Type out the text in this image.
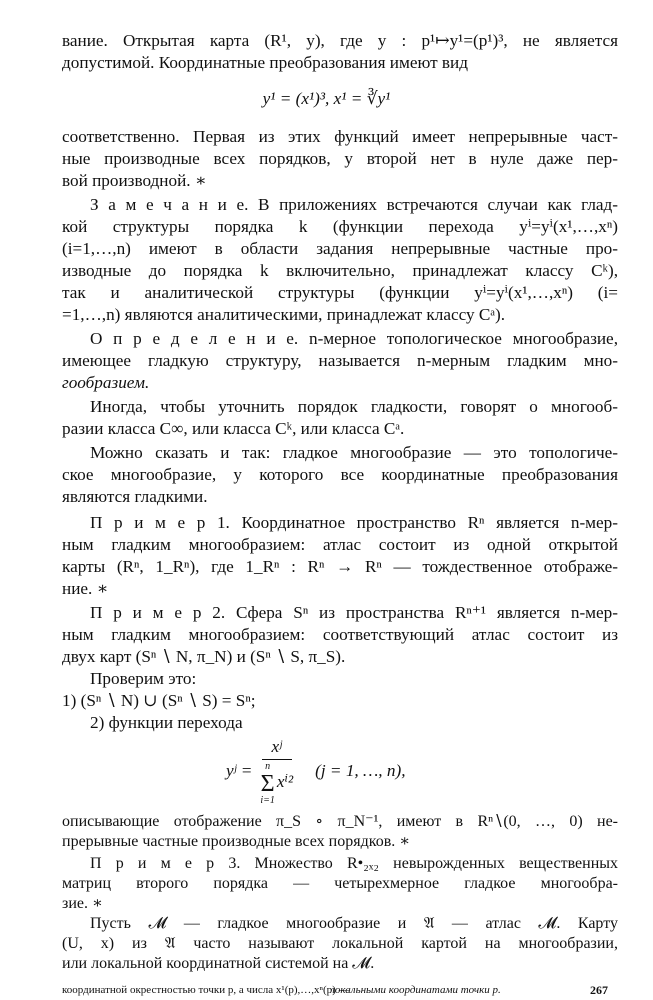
вание. Открытая карта (R¹, y), где y : p¹↦y¹=(p¹)³, не является
допустимой. Координатные преобразования имеют вид
y¹ = (x¹)³, x¹ = ∛y¹
соответственно. Первая из этих функций имеет непрерывные част-
ные производные всех порядков, у второй нет в нуле даже пер-
вой производной. ∗
З а м е ч а н и е. В приложениях встречаются случаи как глад-
кой структуры порядка k (функции перехода yⁱ=yⁱ(x¹,…,xⁿ)
(i=1,…,n) имеют в области задания непрерывные частные про-
изводные до порядка k включительно, принадлежат классу Cᵏ),
так и аналитической структуры (функции yⁱ=yⁱ(x¹,…,xⁿ) (i=
=1,…,n) являются аналитическими, принадлежат классу Cᵃ).
О п р е д е л е н и е. n-мерное топологическое многообразие,
имеющее гладкую структуру, называется n-мерным гладким мно-
гообразием.
Иногда, чтобы уточнить порядок гладкости, говорят о многооб-
разии класса C∞, или класса Cᵏ, или класса Cᵃ.
Можно сказать и так: гладкое многообразие — это топологиче-
ское многообразие, у которого все координатные преобразования
являются гладкими.
П р и м е р 1. Координатное пространство Rⁿ является n-мер-
ным гладким многообразием: атлас состоит из одной открытой
карты (Rⁿ, 1_Rⁿ), где 1_Rⁿ : Rⁿ → Rⁿ — тождественное отображе-
ние. ∗
П р и м е р 2. Сфера Sⁿ из пространства Rⁿ⁺¹ является n-мер-
ным гладким многообразием: соответствующий атлас состоит из
двух карт (Sⁿ ∖ N, π_N) и (Sⁿ ∖ S, π_S).
Проверим это:
1) (Sⁿ ∖ N) ∪ (Sⁿ ∖ S) = Sⁿ;
2) функции перехода
yʲ = xʲ
n
Σ
i=1
xⁱ² (j = 1, …, n),
описывающие отображение π_S ∘ π_N⁻¹, имеют в Rⁿ∖(0, …, 0) не-
прерывные частные производные всех порядков. ∗
П р и м е р 3. Множество R•₂ₓ₂ невырожденных вещественных
матриц второго порядка — четырехмерное гладкое многообра-
зие. ∗
Пусть 𝓜 — гладкое многообразие и 𝔄 — атлас 𝓜. Карту
(U, x) из 𝔄 часто называют локальной картой на многообразии,
или локальной координатной системой на 𝓜.
координатной окрестностью точки p, а числа x¹(p),…,xⁿ(p) —
локальными координатами точки p.	267
